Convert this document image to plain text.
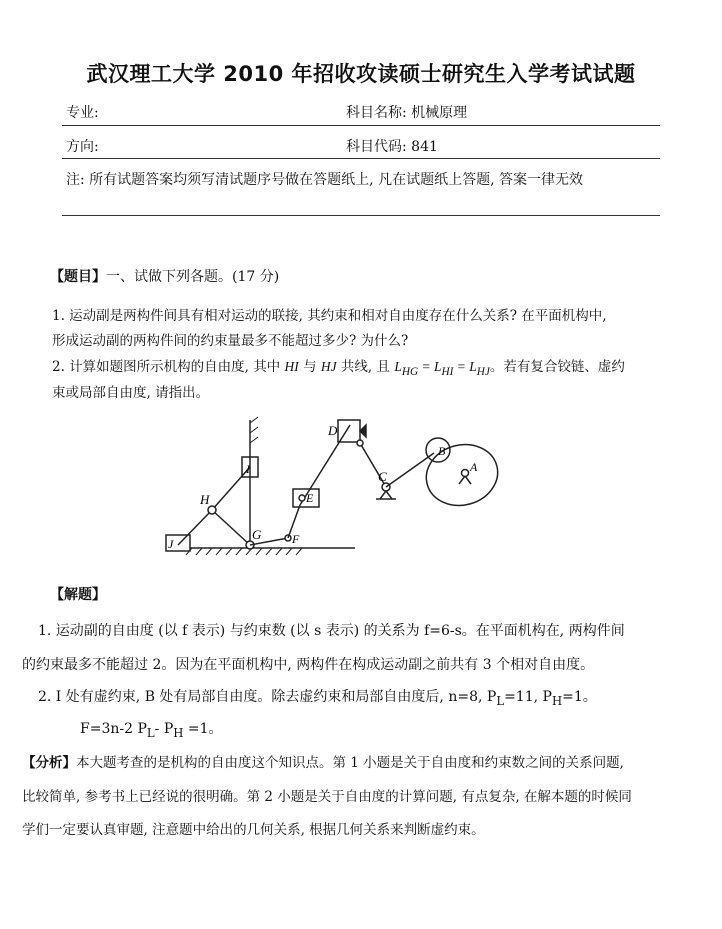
武汉理工大学 2010 年招收攻读硕士研究生入学考试试题
专业:	科目名称: 机械原理
方向:	科目代码: 841
注: 所有试题答案均须写清试题序号做在答题纸上, 凡在试题纸上答题, 答案一律无效
【题目】一、试做下列各题。(17 分)
1. 运动副是两构件间具有相对运动的联接, 其约束和相对自由度存在什么关系? 在平面机构中,
形成运动副的两构件间的约束量最多不能超过多少? 为什么?
2. 计算如题图所示机构的自由度, 其中 HI 与 HJ 共线, 且 $L_{HG} = L_{HI} = L_{HJ}$。若有复合铰链、虚约
束或局部自由度, 请指出。
D
B
A
C
I
H	E
G	F
J
【解题】
1. 运动副的自由度 (以 f 表示) 与约束数 (以 s 表示) 的关系为 f=6-s。在平面机构在, 两构件间
的约束最多不能超过 2。因为在平面机构中, 两构件在构成运动副之前共有 3 个相对自由度。
2. I 处有虚约束, B 处有局部自由度。除去虚约束和局部自由度后, n=8, $P_L=11$, $P_H=1$。
F=3n-2 $P_L-$ $P_H =1$。
【分析】本大题考查的是机构的自由度这个知识点。第 1 小题是关于自由度和约束数之间的关系问题,
比较简单, 参考书上已经说的很明确。第 2 小题是关于自由度的计算问题, 有点复杂, 在解本题的时候同
学们一定要认真审题, 注意题中给出的几何关系, 根据几何关系来判断虚约束。
